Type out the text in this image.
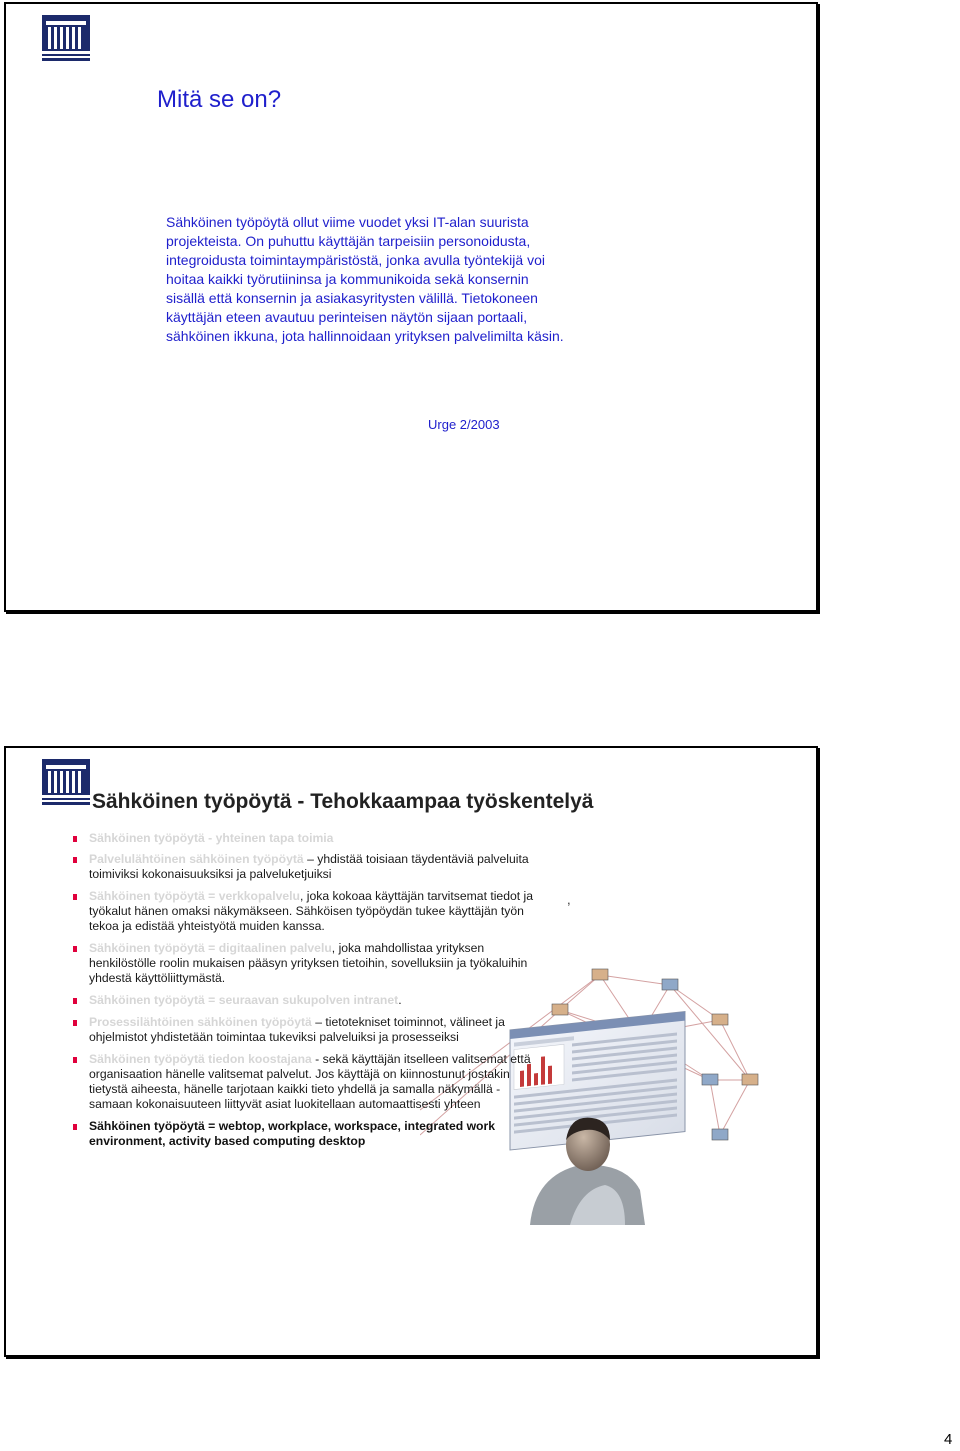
Mitä se on?

Sähköinen työpöytä ollut viime vuodet yksi IT-alan suurista projekteista. On puhuttu käyttäjän tarpeisiin personoidusta, integroidusta toimintaympäristöstä, jonka avulla työntekijä voi hoitaa kaikki työrutiininsa ja kommunikoida sekä konsernin sisällä että konsernin ja asiakasyritysten välillä. Tietokoneen käyttäjän eteen avautuu perinteisen näytön sijaan portaali, sähköinen ikkuna, jota hallinnoidaan yrityksen palvelimilta käsin.

Urge 2/2003

Sähköinen työpöytä - Tehokkaampaa työskentelyä
Sähköinen työpöytä - yhteinen tapa toimia
Palvelulähtöinen sähköinen työpöytä – yhdistää toisiaan täydentäviä palveluita toimiviksi kokonaisuuksiksi ja palveluketjuiksi
Sähköinen työpöytä = verkkopalvelu, joka kokoaa käyttäjän tarvitsemat tiedot ja työkalut hänen omaksi näkymäkseen. Sähköisen työpöydän tukee käyttäjän työn tekoa ja edistää yhteistyötä muiden kanssa.
Sähköinen työpöytä = digitaalinen palvelu, joka mahdollistaa yrityksen henkilöstölle roolin mukaisen pääsyn yrityksen tietoihin, sovelluksiin ja työkaluihin yhdestä käyttöliittymästä.
Sähköinen työpöytä = seuraavan sukupolven intranet.
Prosessilähtöinen sähköinen työpöytä – tietotekniset toiminnot, välineet ja ohjelmistot yhdistetään toimintaa tukeviksi palveluiksi ja prosesseiksi
Sähköinen työpöytä tiedon koostajana - sekä käyttäjän itselleen valitsemat että organisaation hänelle valitsemat palvelut. Jos käyttäjä on kiinnostunut jostakin tietystä aiheesta, hänelle tarjotaan kaikki tieto yhdellä ja samalla näkymällä - samaan kokonaisuuteen liittyvät asiat luokitellaan automaattisesti yhteen
Sähköinen työpöytä = webtop, workplace, workspace, integrated work environment, activity based computing desktop
,

4
